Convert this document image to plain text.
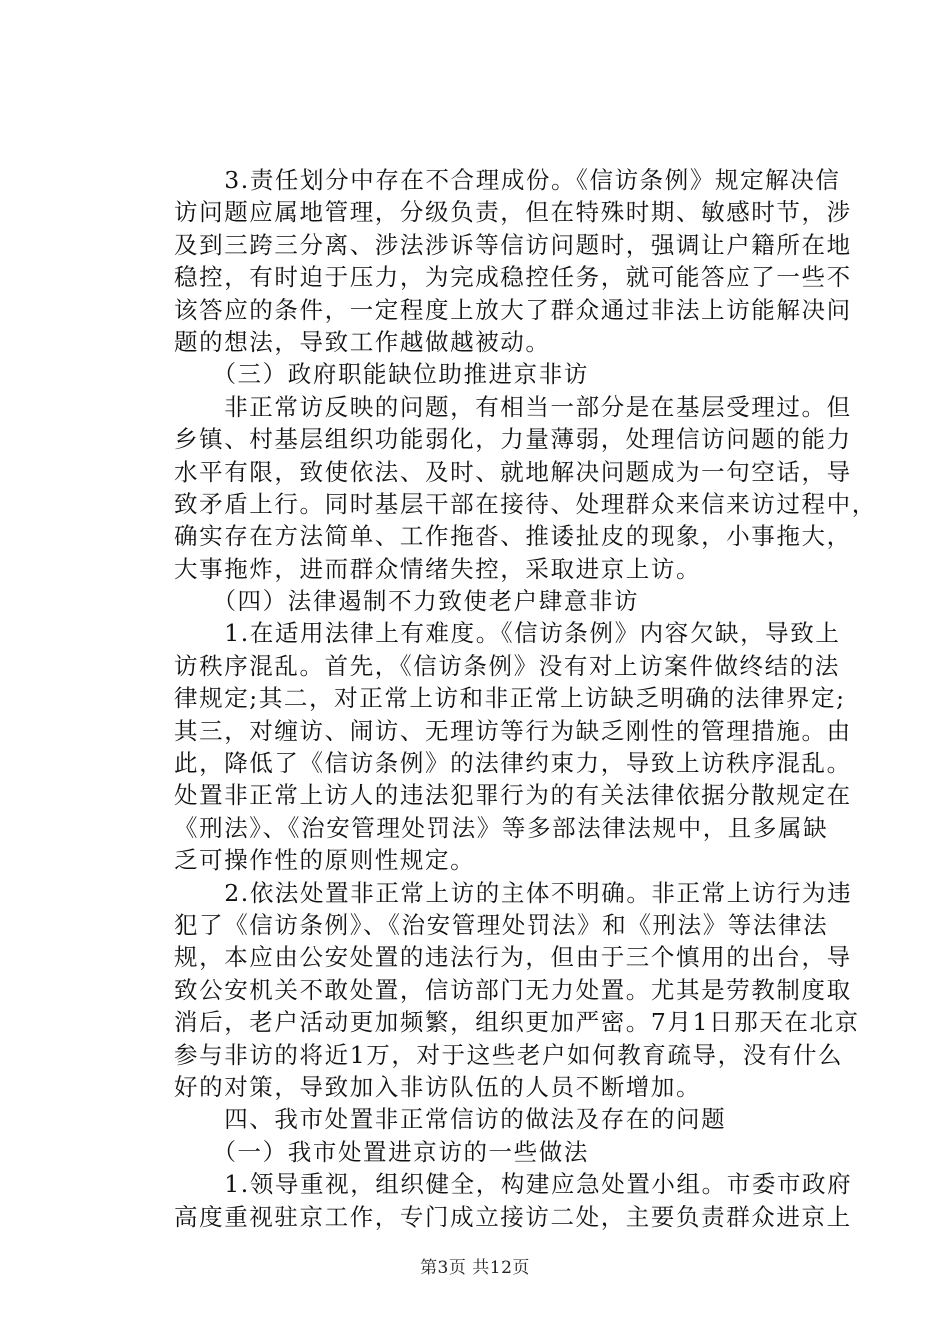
　　3.责任划分中存在不合理成份。《信访条例》规定解决信
访问题应属地管理，分级负责，但在特殊时期、敏感时节，涉
及到三跨三分离、涉法涉诉等信访问题时，强调让户籍所在地
稳控，有时迫于压力，为完成稳控任务，就可能答应了一些不
该答应的条件，一定程度上放大了群众通过非法上访能解决问
题的想法，导致工作越做越被动。
　　（三）政府职能缺位助推进京非访
　　非正常访反映的问题，有相当一部分是在基层受理过。但
乡镇、村基层组织功能弱化，力量薄弱，处理信访问题的能力
水平有限，致使依法、及时、就地解决问题成为一句空话，导
致矛盾上行。同时基层干部在接待、处理群众来信来访过程中，
确实存在方法简单、工作拖沓、推诿扯皮的现象，小事拖大，
大事拖炸，进而群众情绪失控，采取进京上访。
　　（四）法律遏制不力致使老户肆意非访
　　1.在适用法律上有难度。《信访条例》内容欠缺，导致上
访秩序混乱。首先，《信访条例》没有对上访案件做终结的法
律规定;其二，对正常上访和非正常上访缺乏明确的法律界定;
其三，对缠访、闹访、无理访等行为缺乏刚性的管理措施。由
此，降低了《信访条例》的法律约束力，导致上访秩序混乱。
处置非正常上访人的违法犯罪行为的有关法律依据分散规定在
《刑法》、《治安管理处罚法》等多部法律法规中，且多属缺
乏可操作性的原则性规定。
　　2.依法处置非正常上访的主体不明确。非正常上访行为违
犯了《信访条例》、《治安管理处罚法》和《刑法》等法律法
规，本应由公安处置的违法行为，但由于三个慎用的出台，导
致公安机关不敢处置，信访部门无力处置。尤其是劳教制度取
消后，老户活动更加频繁，组织更加严密。7月1日那天在北京
参与非访的将近1万，对于这些老户如何教育疏导，没有什么
好的对策，导致加入非访队伍的人员不断增加。
　　四、我市处置非正常信访的做法及存在的问题
　　（一）我市处置进京访的一些做法
　　1.领导重视，组织健全，构建应急处置小组。市委市政府
高度重视驻京工作，专门成立接访二处，主要负责群众进京上
第3页 共12页
